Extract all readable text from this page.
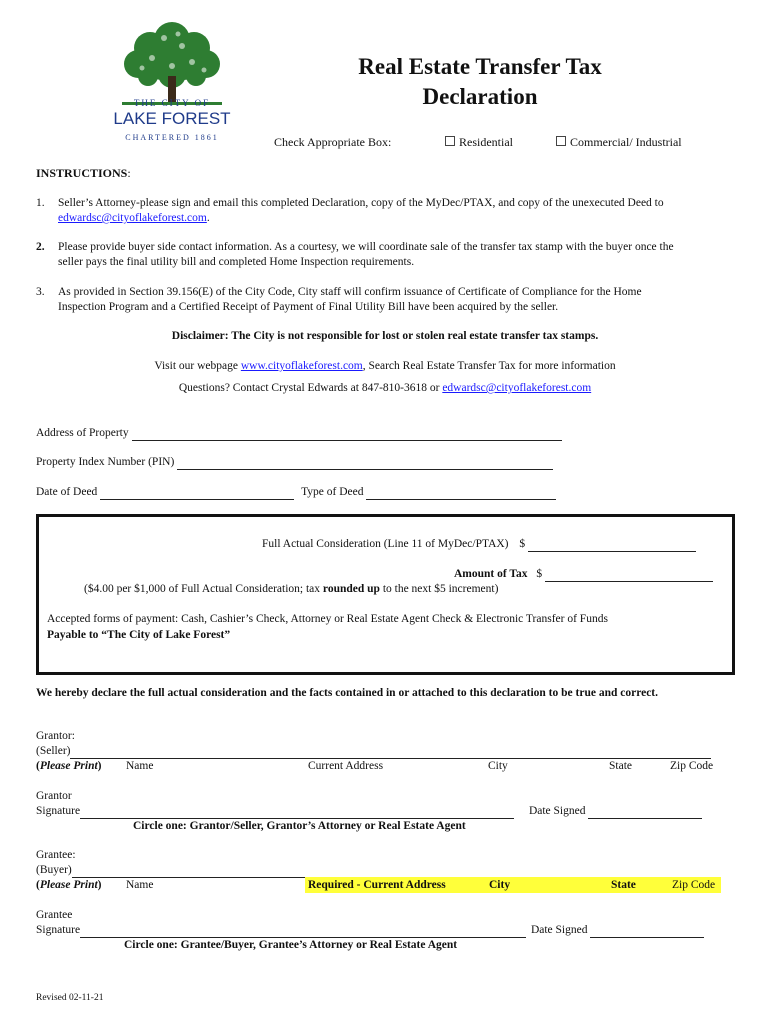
THE CITY OF
LAKE FOREST
CHARTERED 1861
Real Estate Transfer Tax
Declaration
Check Appropriate Box:	Residential	Commercial/ Industrial
INSTRUCTIONS:
1. Seller’s Attorney-please sign and email this completed Declaration, copy of the MyDec/PTAX, and copy of the unexecuted Deed to
edwardsc@cityoflakeforest.com.
2. Please provide buyer side contact information. As a courtesy, we will coordinate sale of the transfer tax stamp with the buyer once the
seller pays the final utility bill and completed Home Inspection requirements.
3. As provided in Section 39.156(E) of the City Code, City staff will confirm issuance of Certificate of Compliance for the Home
Inspection Program and a Certified Receipt of Payment of Final Utility Bill have been acquired by the seller.
Disclaimer: The City is not responsible for lost or stolen real estate transfer tax stamps.
Visit our webpage www.cityoflakeforest.com, Search Real Estate Transfer Tax for more information
Questions? Contact Crystal Edwards at 847-810-3618 or edwardsc@cityoflakeforest.com
Address of Property
Property Index Number (PIN)
Date of Deed	Type of Deed
Full Actual Consideration (Line 11 of MyDec/PTAX) $
Amount of Tax $
($4.00 per $1,000 of Full Actual Consideration; tax rounded up to the next $5 increment)
Accepted forms of payment: Cash, Cashier’s Check, Attorney or Real Estate Agent Check & Electronic Transfer of Funds
Payable to “The City of Lake Forest”
We hereby declare the full actual consideration and the facts contained in or attached to this declaration to be true and correct.
Grantor:
(Seller)
(Please Print) Name	Current Address	City	State	Zip Code
Grantor
Signature	Date Signed
Circle one: Grantor/Seller, Grantor’s Attorney or Real Estate Agent
Grantee:
(Buyer)
(Please Print) Name	Required - Current Address	City	State	Zip Code
Grantee
Signature	Date Signed
Circle one: Grantee/Buyer, Grantee’s Attorney or Real Estate Agent
Revised 02-11-21
